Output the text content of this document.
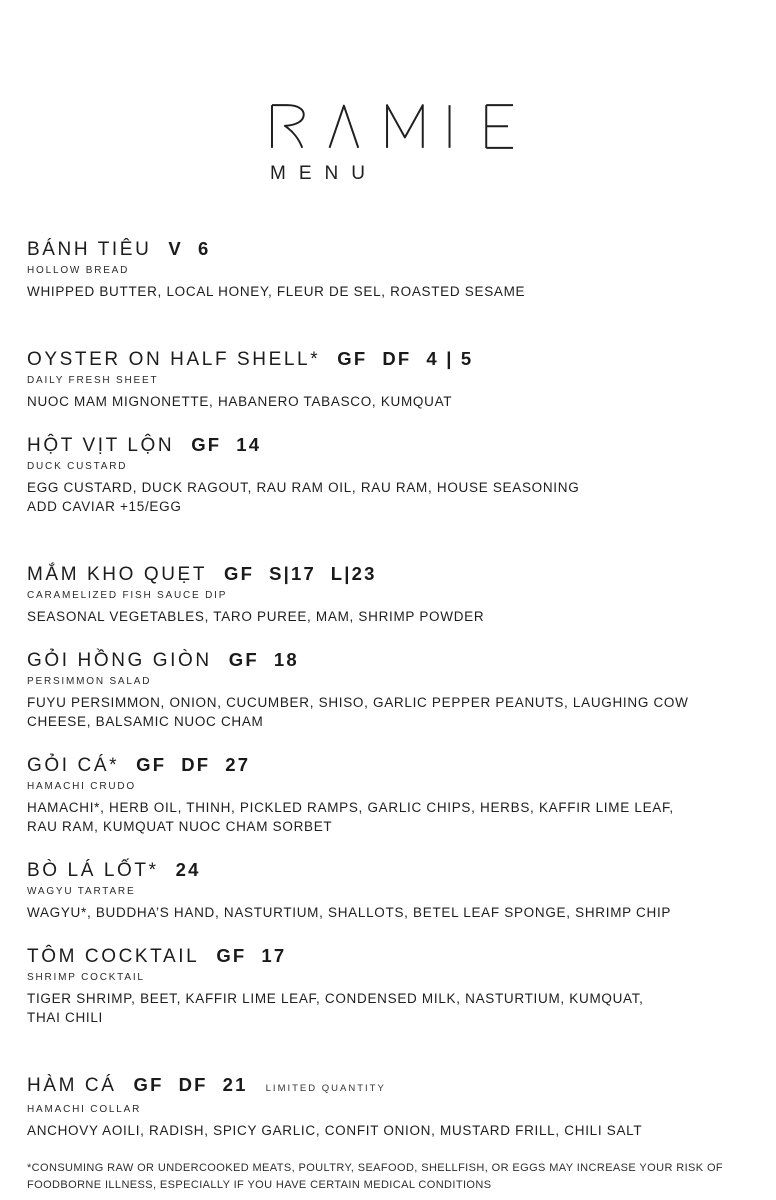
MENU
BÁNH TIÊU V 6
HOLLOW BREAD
WHIPPED BUTTER, LOCAL HONEY, FLEUR DE SEL, ROASTED SESAME
OYSTER ON HALF SHELL* GF DF 4 | 5
DAILY FRESH SHEET
NUOC MAM MIGNONETTE, HABANERO TABASCO, KUMQUAT
HỘT VỊT LỘN GF 14
DUCK CUSTARD
EGG CUSTARD, DUCK RAGOUT, RAU RAM OIL, RAU RAM, HOUSE SEASONING
ADD CAVIAR +15/EGG
MẮM KHO QUẸT GF S|17  L|23
CARAMELIZED FISH SAUCE DIP
SEASONAL VEGETABLES, TARO PUREE, MAM, SHRIMP POWDER
GỎI HỒNG GIÒN GF 18
PERSIMMON SALAD
FUYU PERSIMMON, ONION, CUCUMBER, SHISO, GARLIC PEPPER PEANUTS, LAUGHING COW
CHEESE, BALSAMIC NUOC CHAM
GỎI CÁ* GF DF 27
HAMACHI CRUDO
HAMACHI*, HERB OIL, THINH, PICKLED RAMPS, GARLIC CHIPS, HERBS, KAFFIR LIME LEAF,
RAU RAM, KUMQUAT NUOC CHAM SORBET
BÒ LÁ LỐT* 24
WAGYU TARTARE
WAGYU*, BUDDHA’S HAND, NASTURTIUM, SHALLOTS, BETEL LEAF SPONGE, SHRIMP CHIP
TÔM COCKTAIL GF 17
SHRIMP COCKTAIL
TIGER SHRIMP, BEET, KAFFIR LIME LEAF, CONDENSED MILK, NASTURTIUM, KUMQUAT,
THAI CHILI
HÀM CÁ GF DF 21 LIMITED QUANTITY
HAMACHI COLLAR
ANCHOVY AOILI, RADISH, SPICY GARLIC, CONFIT ONION, MUSTARD FRILL, CHILI SALT
*CONSUMING RAW OR UNDERCOOKED MEATS, POULTRY, SEAFOOD, SHELLFISH, OR EGGS MAY INCREASE YOUR RISK OF
FOODBORNE ILLNESS, ESPECIALLY IF YOU HAVE CERTAIN MEDICAL CONDITIONS
